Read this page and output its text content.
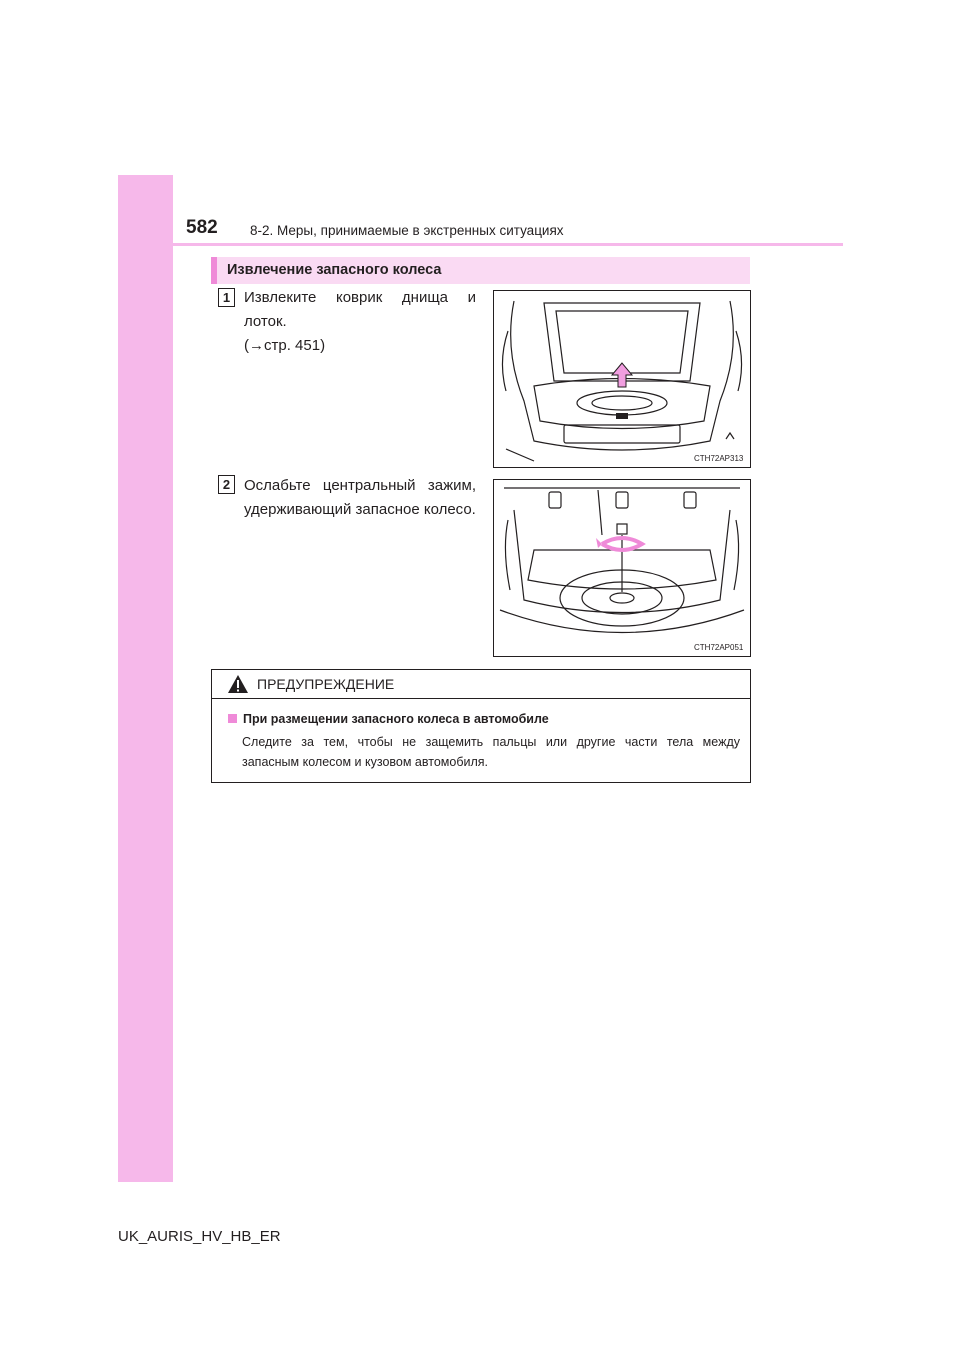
582 8-2. Меры, принимаемые в экстренных ситуациях
Извлечение запасного колеса
1 Извлеките коврик днища и лоток.
(→стр. 451)
CTH72AP313
2 Ослабьте центральный зажим,
удерживающий запасное колесо.
CTH72AP051
ПРЕДУПРЕЖДЕНИЕ
При размещении запасного колеса в автомобиле
Следите за тем, чтобы не защемить пальцы или другие части тела между
запасным колесом и кузовом автомобиля.
UK_AURIS_HV_HB_ER
